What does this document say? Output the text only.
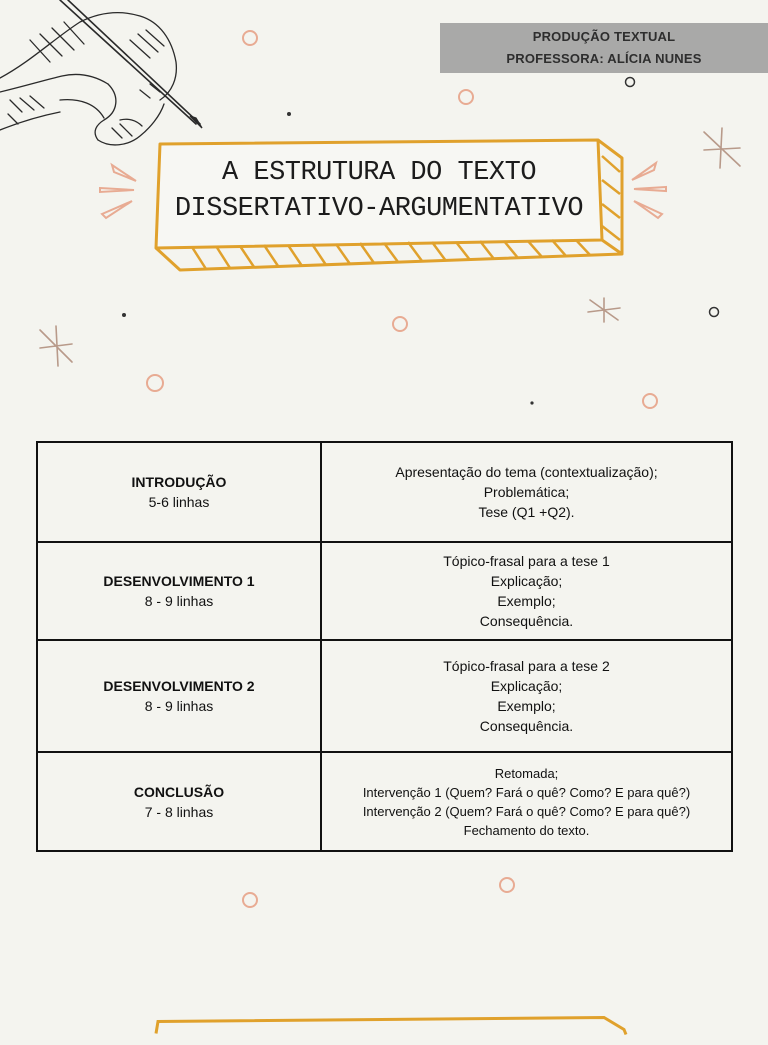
PRODUÇÃO TEXTUAL
PROFESSORA: ALÍCIA NUNES
A ESTRUTURA DO TEXTO
DISSERTATIVO-ARGUMENTATIVO
INTRODUÇÃO
5-6 linhas	Apresentação do tema (contextualização);
Problemática;
Tese (Q1 +Q2).

DESENVOLVIMENTO 1
8 - 9 linhas	Tópico-frasal para a tese 1
Explicação;
Exemplo;
Consequência.

DESENVOLVIMENTO 2
8 - 9 linhas	Tópico-frasal para a tese 2
Explicação;
Exemplo;
Consequência.

CONCLUSÃO
7 - 8 linhas	Retomada;
Intervenção 1 (Quem? Fará o quê? Como? E para quê?)
Intervenção 2 (Quem? Fará o quê? Como? E para quê?)
Fechamento do texto.
